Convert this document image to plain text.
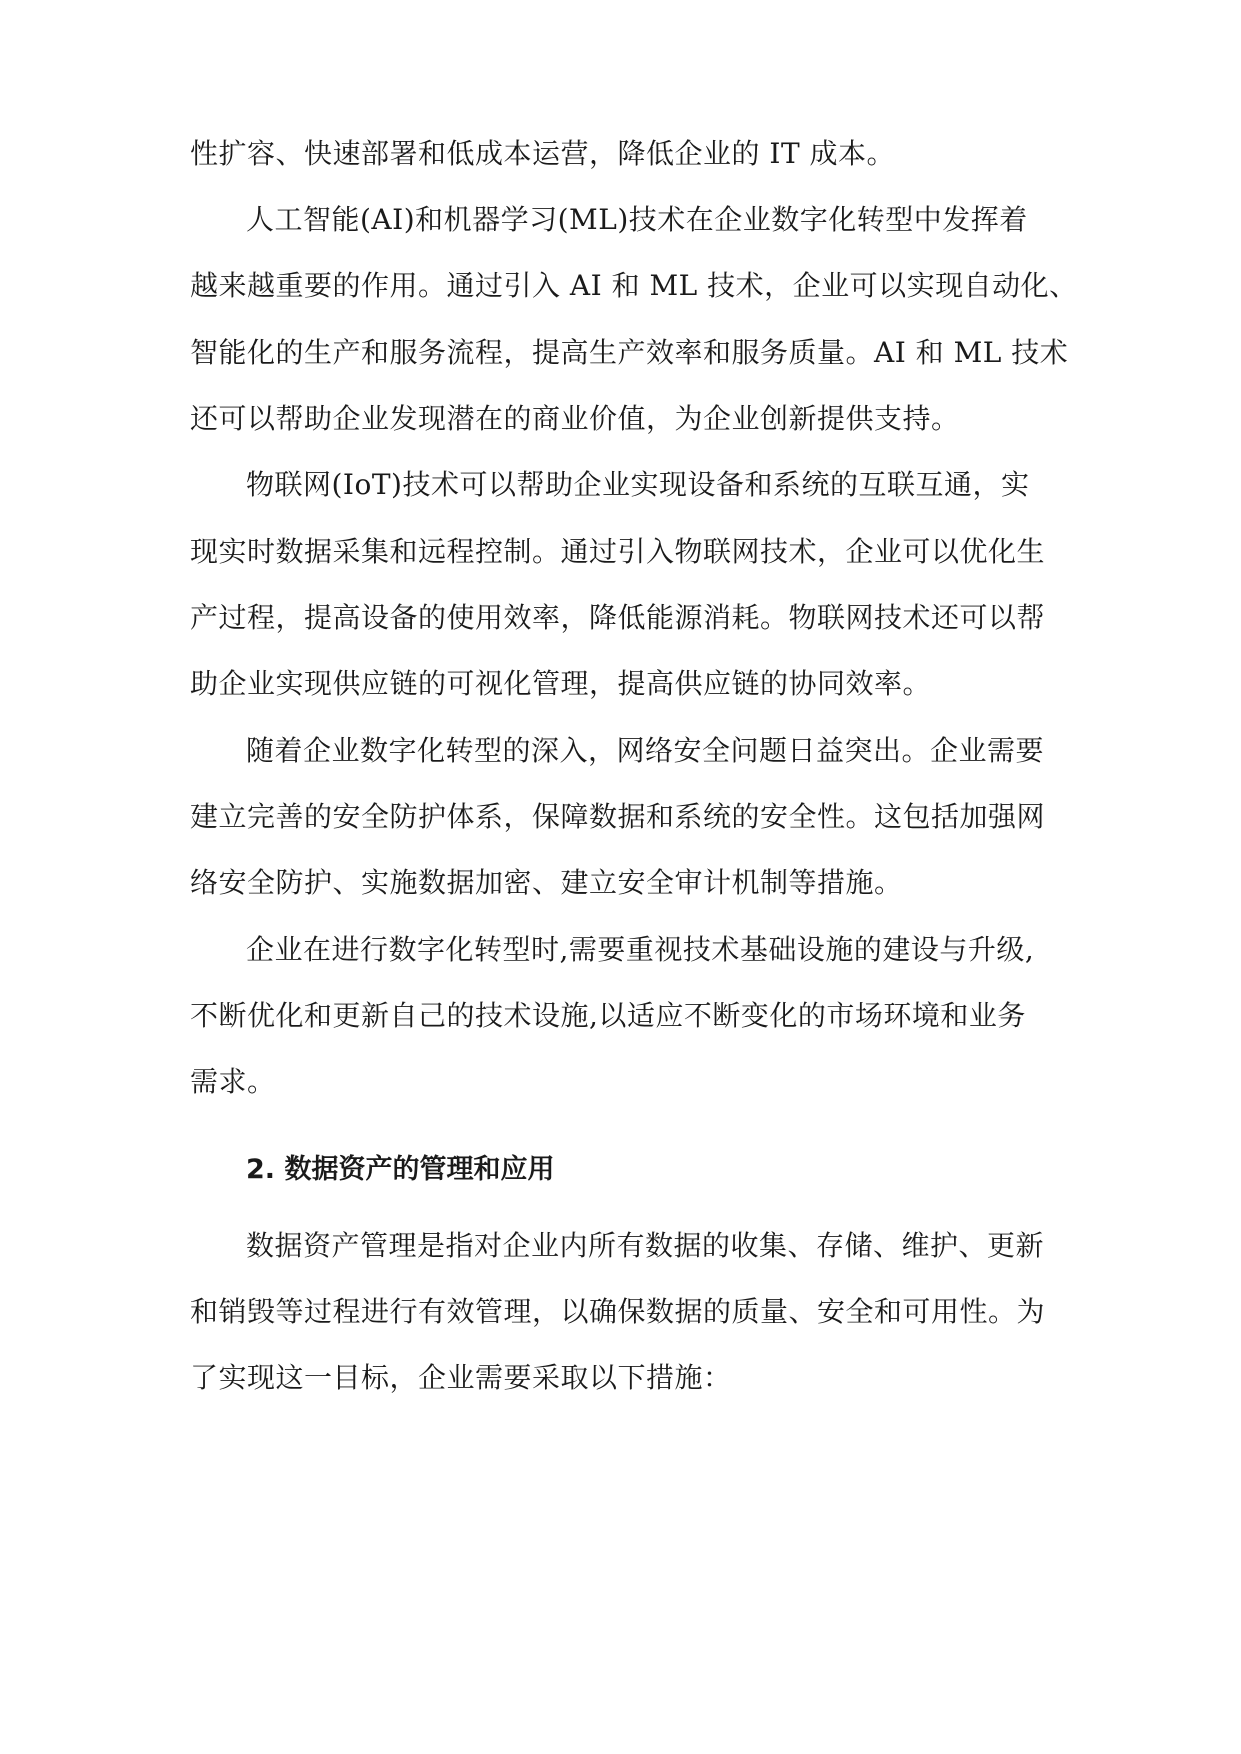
性扩容、快速部署和低成本运营，降低企业的 IT 成本。
人工智能(AI)和机器学习(ML)技术在企业数字化转型中发挥着
越来越重要的作用。通过引入 AI 和 ML 技术，企业可以实现自动化、
智能化的生产和服务流程，提高生产效率和服务质量。AI 和 ML 技术
还可以帮助企业发现潜在的商业价值，为企业创新提供支持。
物联网(IoT)技术可以帮助企业实现设备和系统的互联互通，实
现实时数据采集和远程控制。通过引入物联网技术，企业可以优化生
产过程，提高设备的使用效率，降低能源消耗。物联网技术还可以帮
助企业实现供应链的可视化管理，提高供应链的协同效率。
随着企业数字化转型的深入，网络安全问题日益突出。企业需要
建立完善的安全防护体系，保障数据和系统的安全性。这包括加强网
络安全防护、实施数据加密、建立安全审计机制等措施。
企业在进行数字化转型时,需要重视技术基础设施的建设与升级,
不断优化和更新自己的技术设施,以适应不断变化的市场环境和业务
需求。
2. 数据资产的管理和应用
数据资产管理是指对企业内所有数据的收集、存储、维护、更新
和销毁等过程进行有效管理，以确保数据的质量、安全和可用性。为
了实现这一目标，企业需要采取以下措施：
